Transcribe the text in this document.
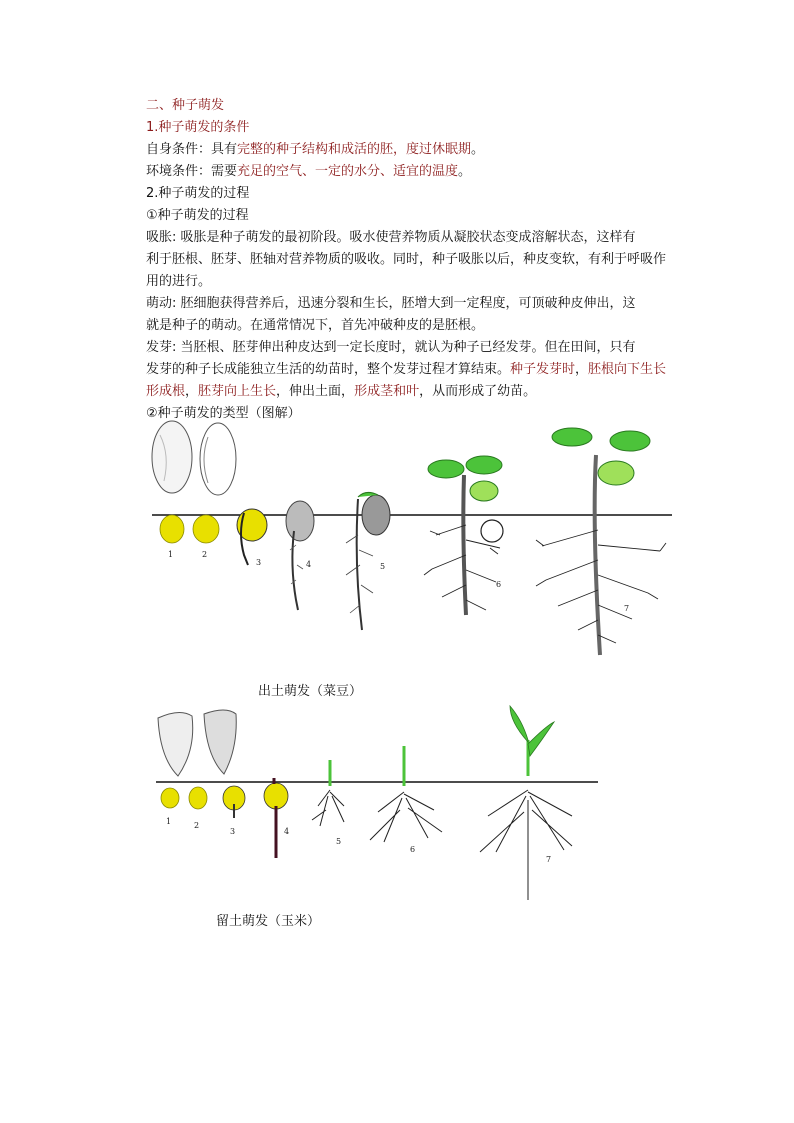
二、种子萌发
1.种子萌发的条件
自身条件：具有完整的种子结构和成活的胚，度过休眠期。
环境条件：需要充足的空气、一定的水分、适宜的温度。
2.种子萌发的过程
①种子萌发的过程
吸胀: 吸胀是种子萌发的最初阶段。吸水使营养物质从凝胶状态变成溶解状态，这样有
利于胚根、胚芽、胚轴对营养物质的吸收。同时，种子吸胀以后，种皮变软，有利于呼吸作
用的进行。
萌动: 胚细胞获得营养后，迅速分裂和生长，胚增大到一定程度，可顶破种皮伸出，这
就是种子的萌动。在通常情况下，首先冲破种皮的是胚根。
发芽: 当胚根、胚芽伸出种皮达到一定长度时，就认为种子已经发芽。但在田间，只有
发芽的种子长成能独立生活的幼苗时，整个发芽过程才算结束。种子发芽时，胚根向下生长
形成根，胚芽向上生长，伸出土面，形成茎和叶，从而形成了幼苗。
②种子萌发的类型（图解）
1	2
3	4	5
6
7
出土萌发（菜豆）
1	2
3	4
5
6
7
留土萌发（玉米）
